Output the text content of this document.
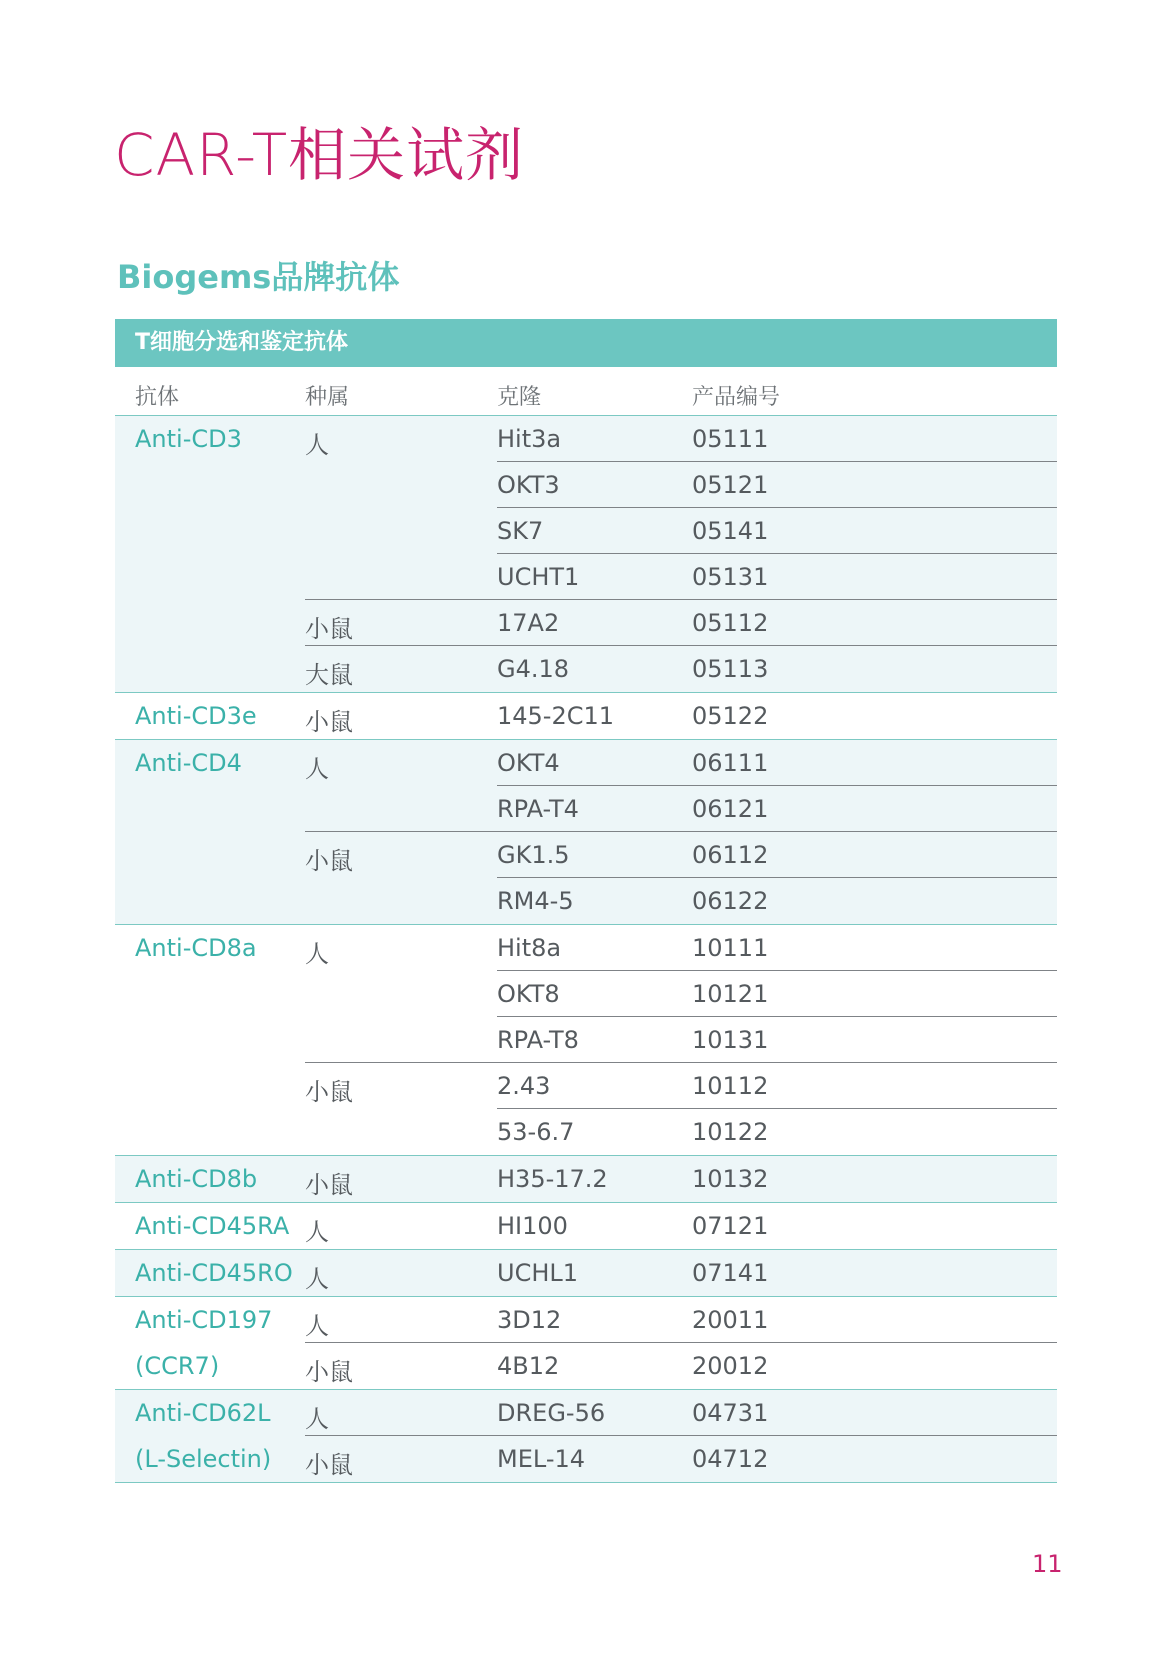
CAR-T相关试剂
Biogems品牌抗体
T细胞分选和鉴定抗体
抗体	种属	克隆	产品编号
Anti-CD3	人	Hit3a	05111
OKT3	05121
SK7	05141
UCHT1	05131
小鼠	17A2	05112
大鼠	G4.18	05113
Anti-CD3e 小鼠	145-2C11	05122
Anti-CD4	人	OKT4	06111
RPA-T4	06121
小鼠	GK1.5	06112
RM4-5	06122
Anti-CD8a 人	Hit8a	10111
OKT8	10121
RPA-T8	10131
小鼠	2.43	10112
53-6.7	10122
Anti-CD8b 小鼠	H35-17.2	10132
Anti-CD45RA 人	HI100	07121
Anti-CD45RO 人	UCHL1	07141
Anti-CD197 人	3D12	20011
(CCR7)	小鼠	4B12	20012
Anti-CD62L 人	DREG-56	04731
(L-Selectin) 小鼠	MEL-14	04712
11
